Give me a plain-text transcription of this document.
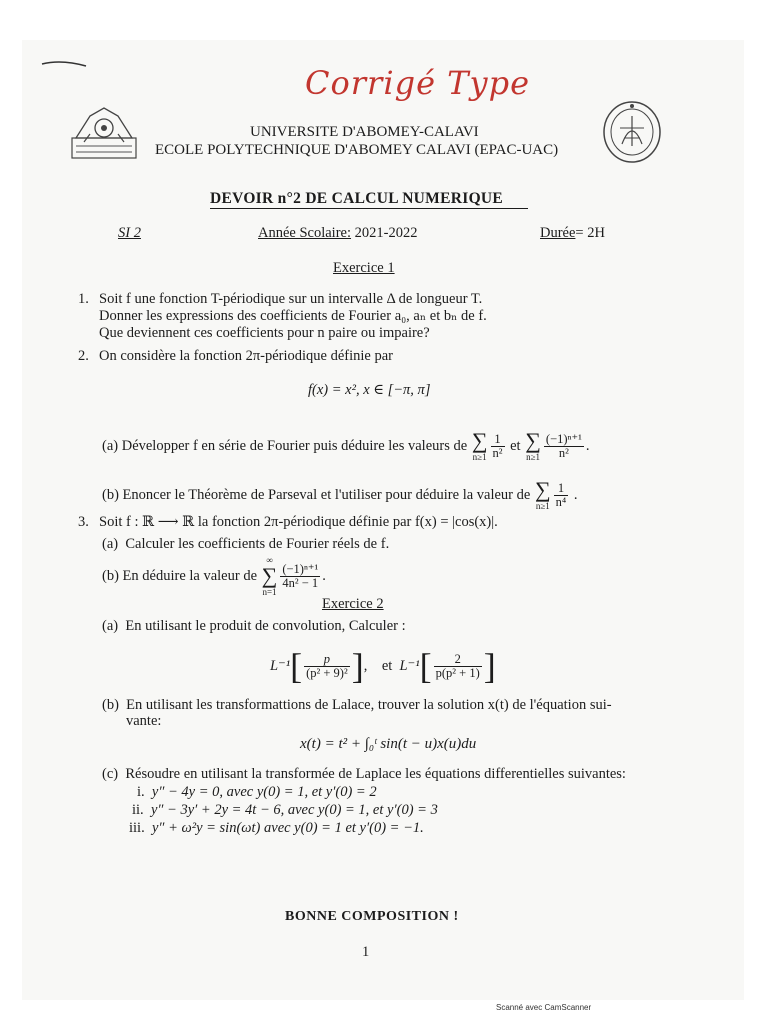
Corrigé Type
UNIVERSITE D'ABOMEY-CALAVI
ECOLE POLYTECHNIQUE D'ABOMEY CALAVI (EPAC-UAC)
DEVOIR n°2 DE CALCUL NUMERIQUE
SI 2	Année Scolaire: 2021-2022	Durée= 2H
Exercice 1
1. Soit f une fonction T-périodique sur un intervalle Δ de longueur T.
Donner les expressions des coefficients de Fourier a₀, aₙ et bₙ de f.
Que deviennent ces coefficients pour n paire ou impaire?
2. On considère la fonction 2π-périodique définie par
f(x) = x², x ∈ [−π, π]
(a)
Développer f en série de Fourier puis déduire les valeurs de
∑
$n\ge 1 \frac{1}{\text{n²}}$
et
∑
$n\ge 1 \frac{\text{(−1)ⁿ⁺¹}}{\text{n²}}$ .
(b)
Enoncer le Théorème de Parseval et l'utiliser pour déduire la valeur de
∑
$n\ge 1 \frac{1}{\text{n⁴}}$ .
3. Soit f : ℝ ⟶ ℝ la fonction 2π-périodique définie par f(x) = |cos(x)|.
(a) Calculer les coefficients de Fourier réels de f.
(b)
En déduire la valeur de

∞
∑
n=1
$\frac{\text{(−1)ⁿ⁺¹}}{\text{4n² − 1}}$ .
Exercice 2
(a) En utilisant le produit de convolution, Calculer :
L⁻¹ [ $\frac{p}{\text{(p² + 9)²}}$ ] ,    et
L⁻¹ [ $\frac{2}{\text{p(p² + 1)}}$ ]
(b) En utilisant les transformattions de Lalace, trouver la solution x(t) de l'équation sui-
vante:
x(t) = t² + ∫₀ᵗ sin(t − u)x(u)du
(c) Résoudre en utilisant la transformée de Laplace les équations differentielles suivantes:
i. y″ − 4y = 0, avec y(0) = 1, et y′(0) = 2
ii. y″ − 3y′ + 2y = 4t − 6, avec y(0) = 1, et y′(0) = 3
iii. y″ + ω²y = sin(ωt) avec y(0) = 1 et y′(0) = −1.
BONNE COMPOSITION !
1
Scanné avec CamScanner
